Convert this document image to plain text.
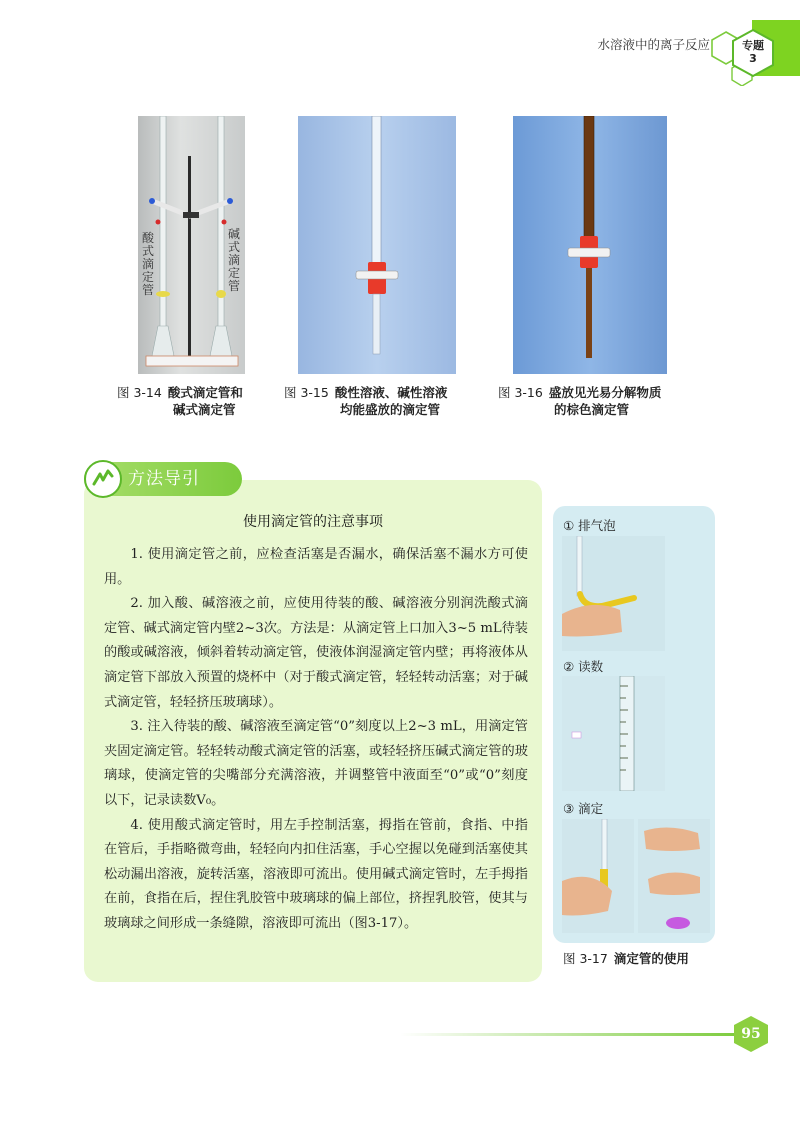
水溶液中的离子反应	专题
3
酸式滴定管
碱式滴定管
图 3-14 酸式滴定管和
碱式滴定管
图 3-15 酸性溶液、碱性溶液
均能盛放的滴定管
图 3-16 盛放见光易分解物质
的棕色滴定管
方法导引
使用滴定管的注意事项

1. 使用滴定管之前，应检查活塞是否漏水，确保活塞不漏水方可使用。

2. 加入酸、碱溶液之前，应使用待装的酸、碱溶液分别润洗酸式滴定管、碱式滴定管内壁2~3次。方法是：从滴定管上口加入3~5 mL待装的酸或碱溶液，倾斜着转动滴定管，使液体润湿滴定管内壁；再将液体从滴定管下部放入预置的烧杯中（对于酸式滴定管，轻轻转动活塞；对于碱式滴定管，轻轻挤压玻璃球）。

3. 注入待装的酸、碱溶液至滴定管“0”刻度以上2~3 mL，用滴定管夹固定滴定管。轻轻转动酸式滴定管的活塞，或轻轻挤压碱式滴定管的玻璃球，使滴定管的尖嘴部分充满溶液，并调整管中液面至“0”或“0”刻度以下，记录读数V₀。

4. 使用酸式滴定管时，用左手控制活塞，拇指在管前，食指、中指在管后，手指略微弯曲，轻轻向内扣住活塞，手心空握以免碰到活塞使其松动漏出溶液，旋转活塞，溶液即可流出。使用碱式滴定管时，左手拇指在前，食指在后，捏住乳胶管中玻璃球的偏上部位，挤捏乳胶管，使其与玻璃球之间形成一条缝隙，溶液即可流出（图3-17）。

① 排气泡
② 读数
③ 滴定
图 3-17 滴定管的使用
95
